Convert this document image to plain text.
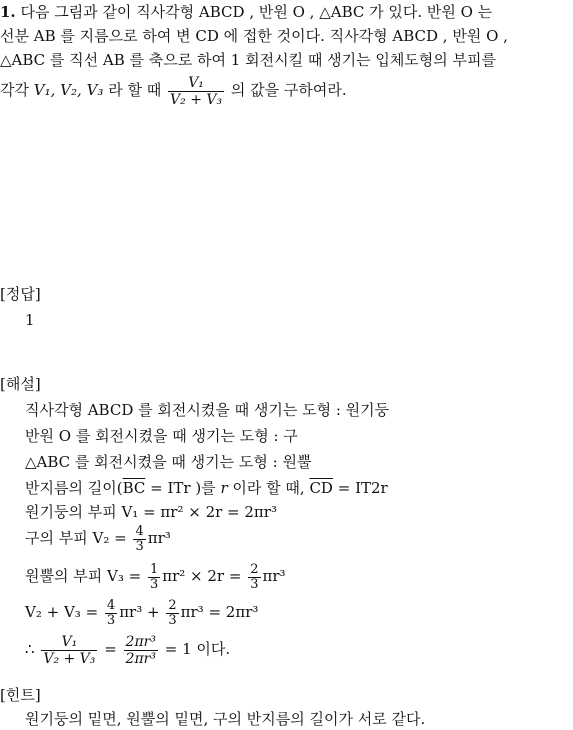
1. 다음 그림과 같이 직사각형 ABCD , 반원 O , △ABC 가 있다. 반원 O 는
선분 AB 를 지름으로 하여 변 CD 에 접한 것이다. 직사각형 ABCD , 반원 O ,
△ABC 를 직선 AB 를 축으로 하여 1 회전시킬 때 생기는 입체도형의 부피를
각각 V₁, V₂, V₃ 라 할 때 $\frac{\text{V₁}}{\text{V₂ + V₃}}$ 의 값을 구하여라.
[정답]
1
[해설]
직사각형 ABCD 를 회전시켰을 때 생기는 도형 : 원기둥
반원 O 를 회전시켰을 때 생기는 도형 : 구
△ABC 를 회전시켰을 때 생기는 도형 : 원뿔
반지름의 길이($\overline{BC}$ = ITr )를 r 이라 할 때, $\overline{CD} = IT2r$
원기둥의 부피 V₁ = πr² × 2r = 2πr³
구의 부피 $V_2 = \frac{4}{3} \pi r^3$
원뿔의 부피 $V_3 = \frac{1}{3} \pi r^2 \times 2r = \frac{2}{3} \pi r^3$
$V_2 + V_3 = \frac{4}{3} \pi r^3 + \frac{2}{3} \pi r^3 = 2\pi r^3$
∴ $\frac{\text{V₁}}{\text{V₂ + V₃}} = \frac{\text{2πr³}}{\text{2πr³}} = 1$ 이다.
[힌트]
원기둥의 밑면, 원뿔의 밑면, 구의 반지름의 길이가 서로 같다.
